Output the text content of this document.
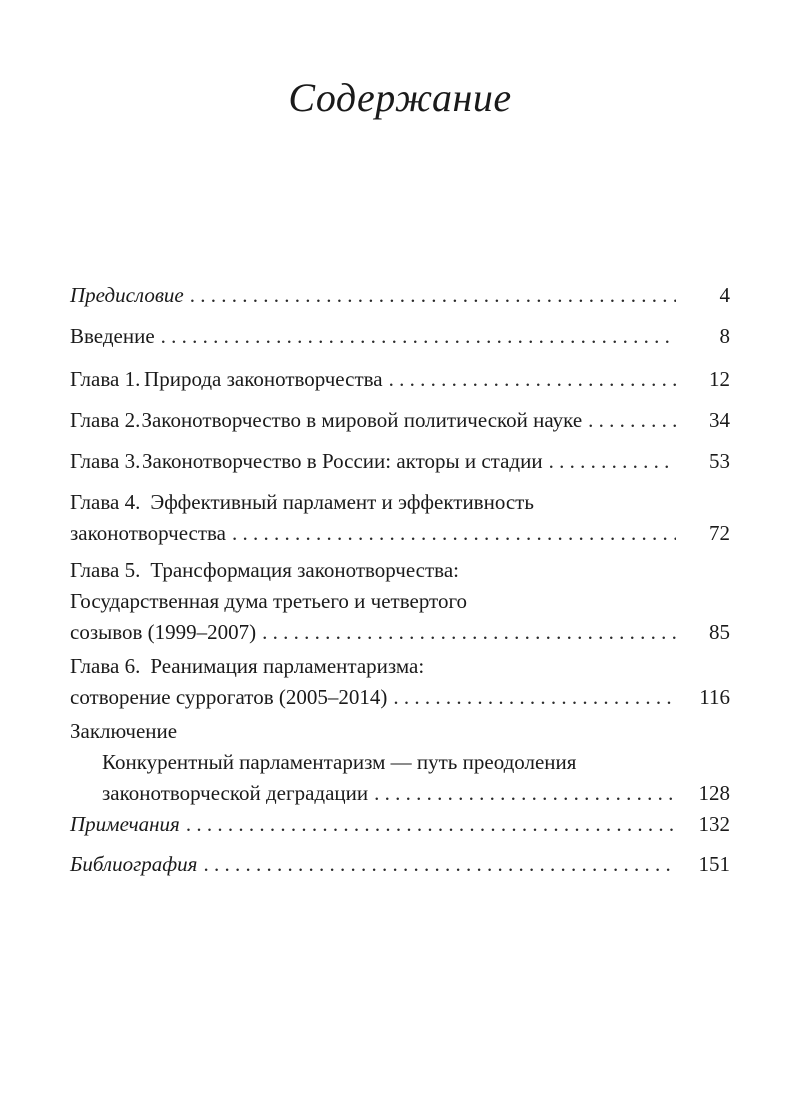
Содержание
Предисловие . . .	4
Введение . . .	8
Глава 1. Природа законотворчества . . .	12
Глава 2. Законотворчество в мировой политической науке . . .	34
Глава 3. Законотворчество в России: акторы и стадии . . .	53
Глава 4. Эффективный парламент и эффективность
законотворчества . . .	72
Глава 5. Трансформация законотворчества:
Государственная дума третьего и четвертого
созывов (1999–2007) . . .	85
Глава 6. Реанимация парламентаризма:
сотворение суррогатов (2005–2014) . . .	116
Заключение
Конкурентный парламентаризм — путь преодоления
законотворческой деградации . . .	128
Примечания . . .	132
Библиография . . .	151
